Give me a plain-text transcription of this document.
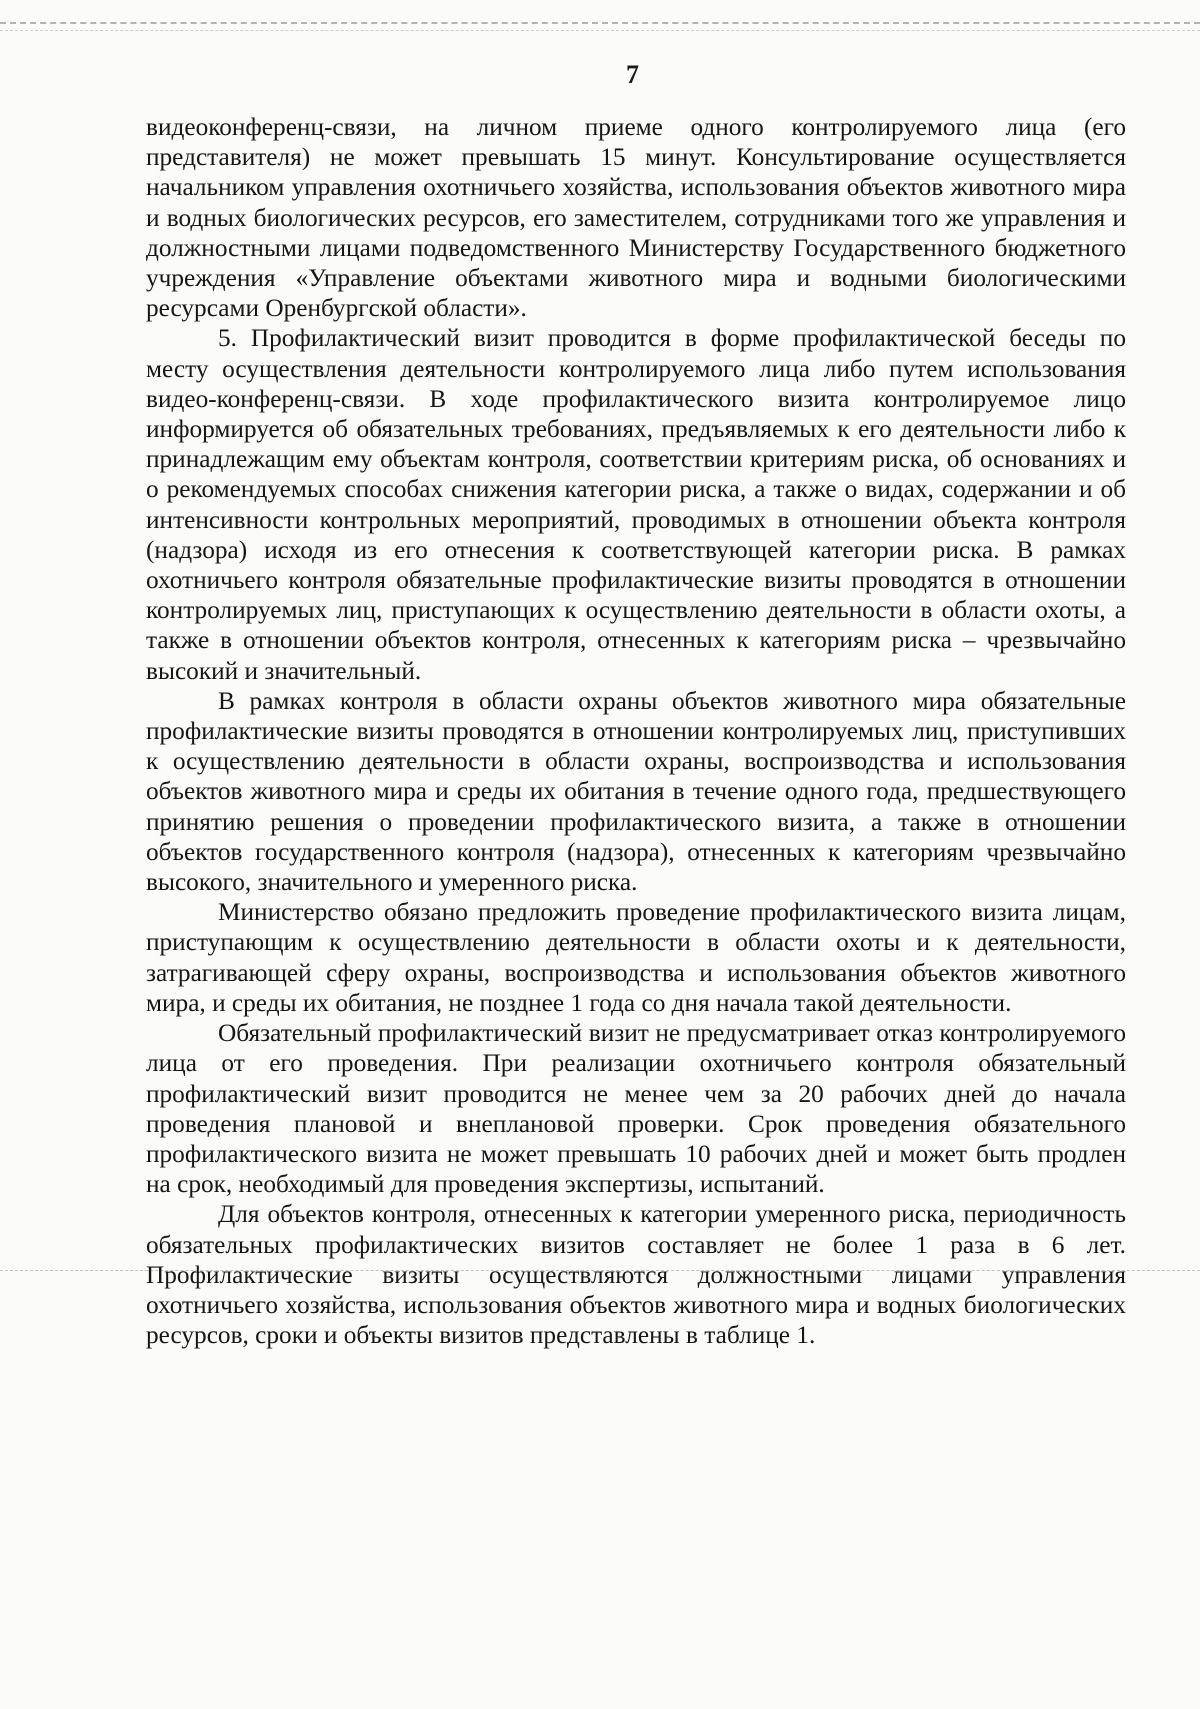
7

видеоконференц-связи, на личном приеме одного контролируемого лица (его представителя) не может превышать 15 минут. Консультирование осуществляется начальником управления охотничьего хозяйства, использования объектов животного мира и водных биологических ресурсов, его заместителем, сотрудниками того же управления и должностными лицами подведомственного Министерству Государственного бюджетного учреждения «Управление объектами животного мира и водными биологическими ресурсами Оренбургской области».

5. Профилактический визит проводится в форме профилактической беседы по месту осуществления деятельности контролируемого лица либо путем использования видео-конференц-связи. В ходе профилактического визита контролируемое лицо информируется об обязательных требованиях, предъявляемых к его деятельности либо к принадлежащим ему объектам контроля, соответствии критериям риска, об основаниях и о рекомендуемых способах снижения категории риска, а также о видах, содержании и об интенсивности контрольных мероприятий, проводимых в отношении объекта контроля (надзора) исходя из его отнесения к соответствующей категории риска. В рамках охотничьего контроля обязательные профилактические визиты проводятся в отношении контролируемых лиц, приступающих к осуществлению деятельности в области охоты, а также в отношении объектов контроля, отнесенных к категориям риска – чрезвычайно высокий и значительный.

В рамках контроля в области охраны объектов животного мира обязательные профилактические визиты проводятся в отношении контролируемых лиц, приступивших к осуществлению деятельности в области охраны, воспроизводства и использования объектов животного мира и среды их обитания в течение одного года, предшествующего принятию решения о проведении профилактического визита, а также в отношении объектов государственного контроля (надзора), отнесенных к категориям чрезвычайно высокого, значительного и умеренного риска.

Министерство обязано предложить проведение профилактического визита лицам, приступающим к осуществлению деятельности в области охоты и к деятельности, затрагивающей сферу охраны, воспроизводства и использования объектов животного мира, и среды их обитания, не позднее 1 года со дня начала такой деятельности.

Обязательный профилактический визит не предусматривает отказ контролируемого лица от его проведения. При реализации охотничьего контроля обязательный профилактический визит проводится не менее чем за 20 рабочих дней до начала проведения плановой и внеплановой проверки. Срок проведения обязательного профилактического визита не может превышать 10 рабочих дней и может быть продлен на срок, необходимый для проведения экспертизы, испытаний.

Для объектов контроля, отнесенных к категории умеренного риска, периодичность обязательных профилактических визитов составляет не более 1 раза в 6 лет. Профилактические визиты осуществляются должностными лицами управления охотничьего хозяйства, использования объектов животного мира и водных биологических ресурсов, сроки и объекты визитов представлены в таблице 1.
